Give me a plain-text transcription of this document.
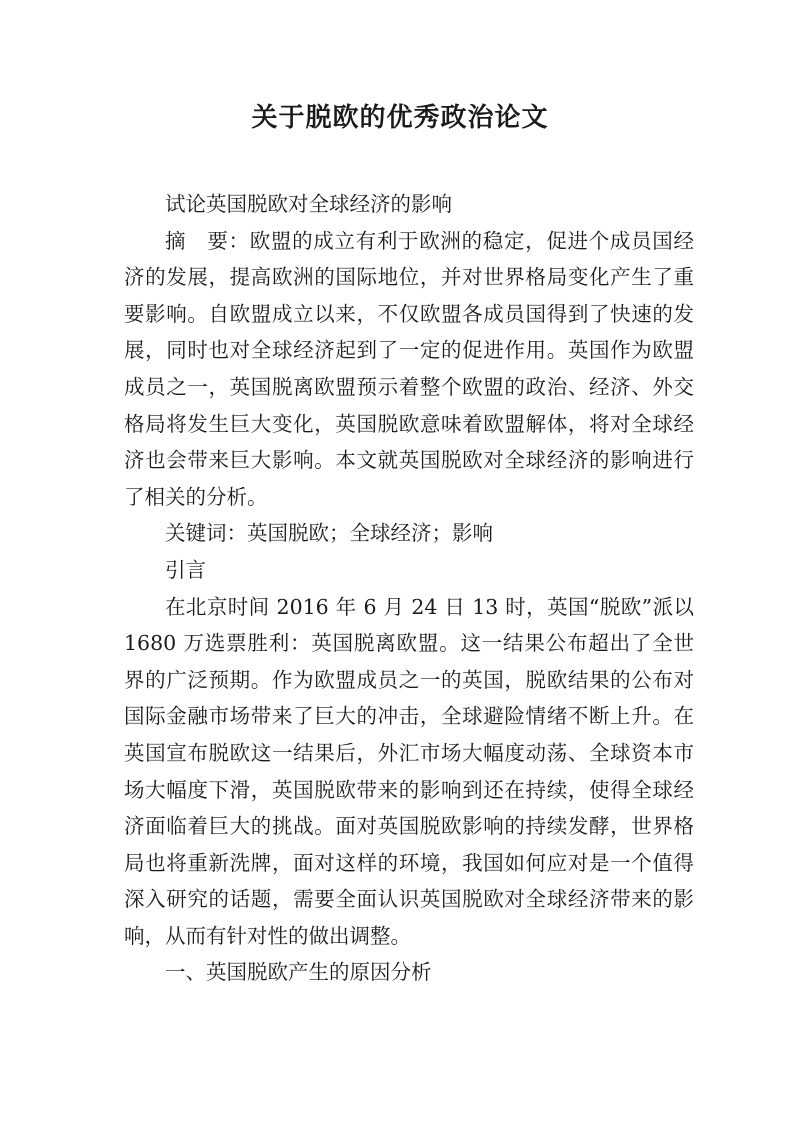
关于脱欧的优秀政治论文

试论英国脱欧对全球经济的影响

摘　要：欧盟的成立有利于欧洲的稳定，促进个成员国经济的发展，提高欧洲的国际地位，并对世界格局变化产生了重要影响。自欧盟成立以来，不仅欧盟各成员国得到了快速的发展，同时也对全球经济起到了一定的促进作用。英国作为欧盟成员之一，英国脱离欧盟预示着整个欧盟的政治、经济、外交格局将发生巨大变化，英国脱欧意味着欧盟解体，将对全球经济也会带来巨大影响。本文就英国脱欧对全球经济的影响进行了相关的分析。

关键词：英国脱欧；全球经济；影响

引言

在北京时间 2016 年 6 月 24 日 13 时，英国“脱欧”派以 1680 万选票胜利：英国脱离欧盟。这一结果公布超出了全世界的广泛预期。作为欧盟成员之一的英国，脱欧结果的公布对国际金融市场带来了巨大的冲击，全球避险情绪不断上升。在英国宣布脱欧这一结果后，外汇市场大幅度动荡、全球资本市场大幅度下滑，英国脱欧带来的影响到还在持续，使得全球经济面临着巨大的挑战。面对英国脱欧影响的持续发酵，世界格局也将重新洗牌，面对这样的环境，我国如何应对是一个值得深入研究的话题，需要全面认识英国脱欧对全球经济带来的影响，从而有针对性的做出调整。

一、英国脱欧产生的原因分析
